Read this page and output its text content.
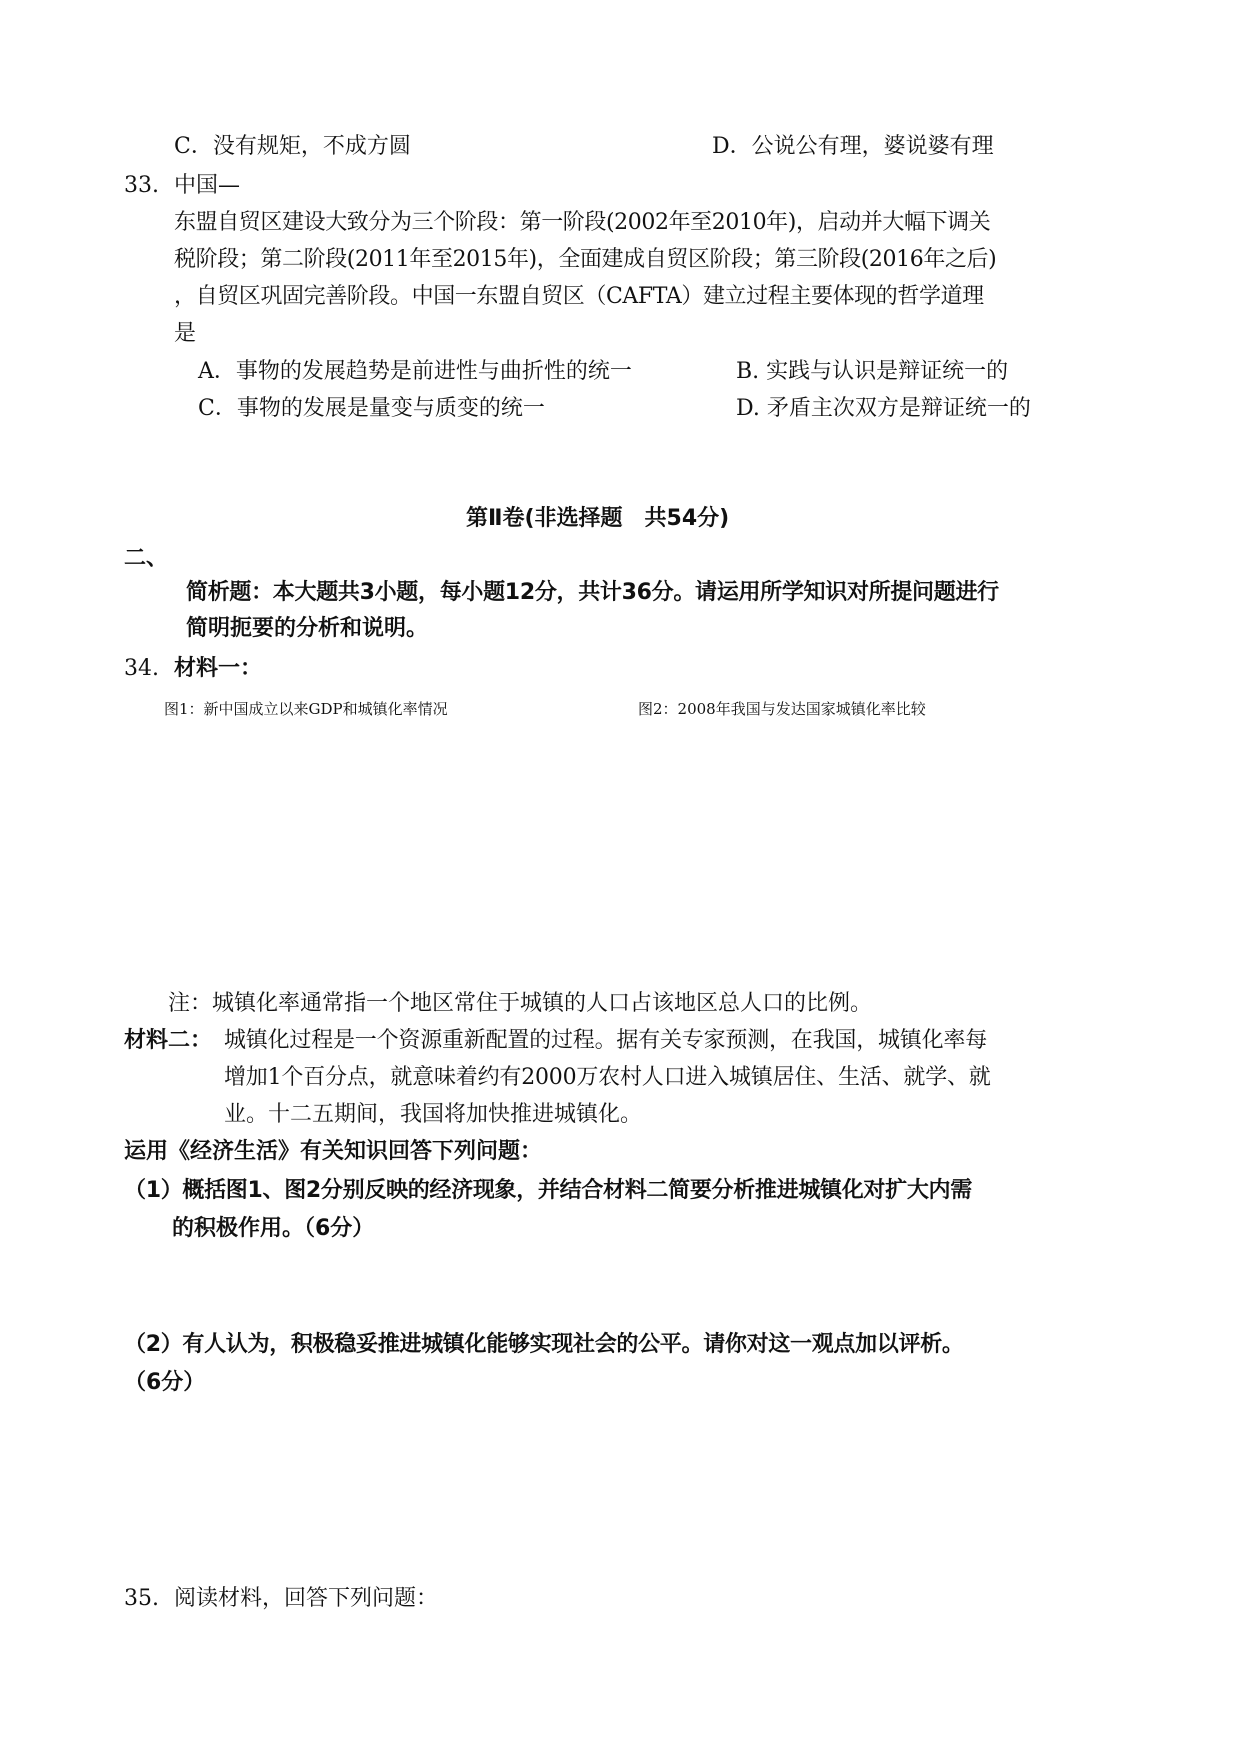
C．没有规矩，不成方圆	D．公说公有理，婆说婆有理
33. 中国—
东盟自贸区建设大致分为三个阶段：第一阶段(2002年至2010年)，启动并大幅下调关
税阶段；第二阶段(2011年至2015年)，全面建成自贸区阶段；第三阶段(2016年之后)
，自贸区巩固完善阶段。中国一东盟自贸区（CAFTA）建立过程主要体现的哲学道理
是
A．事物的发展趋势是前进性与曲折性的统一	B. 实践与认识是辩证统一的
C．事物的发展是量变与质变的统一	D. 矛盾主次双方是辩证统一的
第Ⅱ卷(非选择题　共54分)
二、
简析题：本大题共3小题，每小题12分，共计36分。请运用所学知识对所提问题进行
简明扼要的分析和说明。
34. 材料一：
图1：新中国成立以来GDP和城镇化率情况	图2：2008年我国与发达国家城镇化率比较
注：城镇化率通常指一个地区常住于城镇的人口占该地区总人口的比例。
材料二： 城镇化过程是一个资源重新配置的过程。据有关专家预测，在我国，城镇化率每
增加1个百分点，就意味着约有2000万农村人口进入城镇居住、生活、就学、就
业。十二五期间，我国将加快推进城镇化。
运用《经济生活》有关知识回答下列问题：
（1）概括图1、图2分别反映的经济现象，并结合材料二简要分析推进城镇化对扩大内需
的积极作用。（6分）
（2）有人认为，积极稳妥推进城镇化能够实现社会的公平。请你对这一观点加以评析。
（6分）
35. 阅读材料，回答下列问题：
